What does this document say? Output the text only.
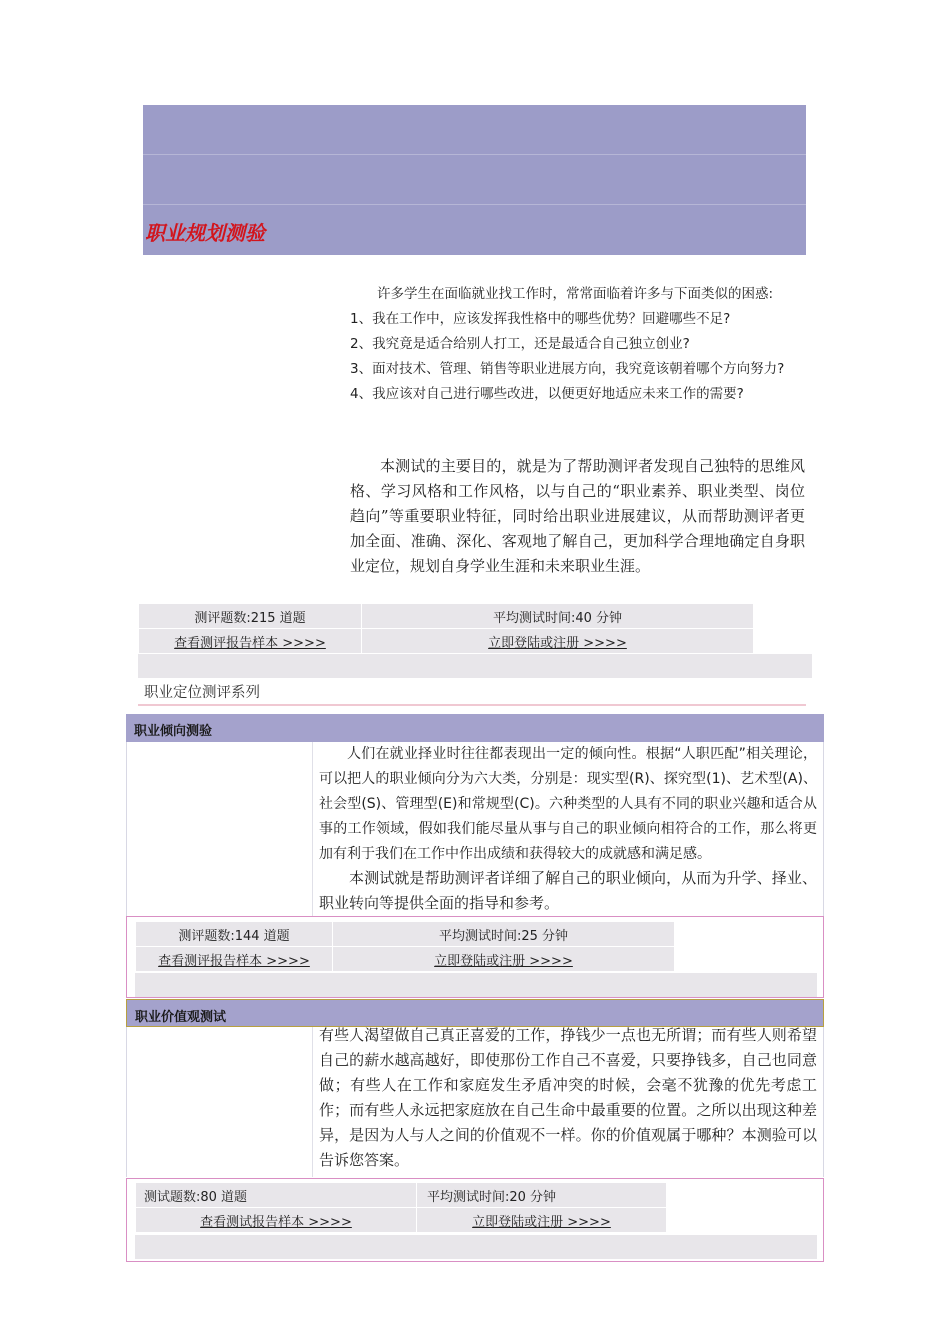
职业规划测验

许多学生在面临就业找工作时，常常面临着许多与下面类似的困惑:

1、我在工作中，应该发挥我性格中的哪些优势？回避哪些不足?

2、我究竟是适合给别人打工，还是最适合自己独立创业?

3、面对技术、管理、销售等职业进展方向，我究竟该朝着哪个方向努力?

4、我应该对自己进行哪些改进，以便更好地适应未来工作的需要?

本测试的主要目的，就是为了帮助测评者发现自己独特的思维风格、学习风格和工作风格，以与自己的“职业素养、职业类型、岗位趋向”等重要职业特征，同时给出职业进展建议，从而帮助测评者更加全面、准确、深化、客观地了解自己，更加科学合理地确定自身职业定位，规划自身学业生涯和未来职业生涯。
测评题数:215 道题	平均测试时间:40 分钟
查看测评报告样本 >>>>	立即登陆或注册 >>>>
职业定位测评系列
职业倾向测验
人们在就业择业时往往都表现出一定的倾向性。根据“人职匹配”相关理论，可以把人的职业倾向分为六大类，分别是：现实型(R)、探究型(1)、艺术型(A)、社会型(S)、管理型(E)和常规型(C)。六种类型的人具有不同的职业兴趣和适合从事的工作领域，假如我们能尽量从事与自己的职业倾向相符合的工作，那么将更加有利于我们在工作中作出成绩和获得较大的成就感和满足感。
本测试就是帮助测评者详细了解自己的职业倾向，从而为升学、择业、职业转向等提供全面的指导和参考。
测评题数:144 道题	平均测试时间:25 分钟
查看测评报告样本 >>>>	立即登陆或注册 >>>>
职业价值观测试
有些人渴望做自己真正喜爱的工作，挣钱少一点也无所谓；而有些人则希望自己的薪水越高越好，即使那份工作自己不喜爱，只要挣钱多，自己也同意做；有些人在工作和家庭发生矛盾冲突的时候，会毫不犹豫的优先考虑工作；而有些人永远把家庭放在自己生命中最重要的位置。之所以出现这种差异，是因为人与人之间的价值观不一样。你的价值观属于哪种？本测验可以告诉您答案。
测试题数:80 道题	平均测试时间:20 分钟
查看测试报告样本 >>>>	立即登陆或注册 >>>>
